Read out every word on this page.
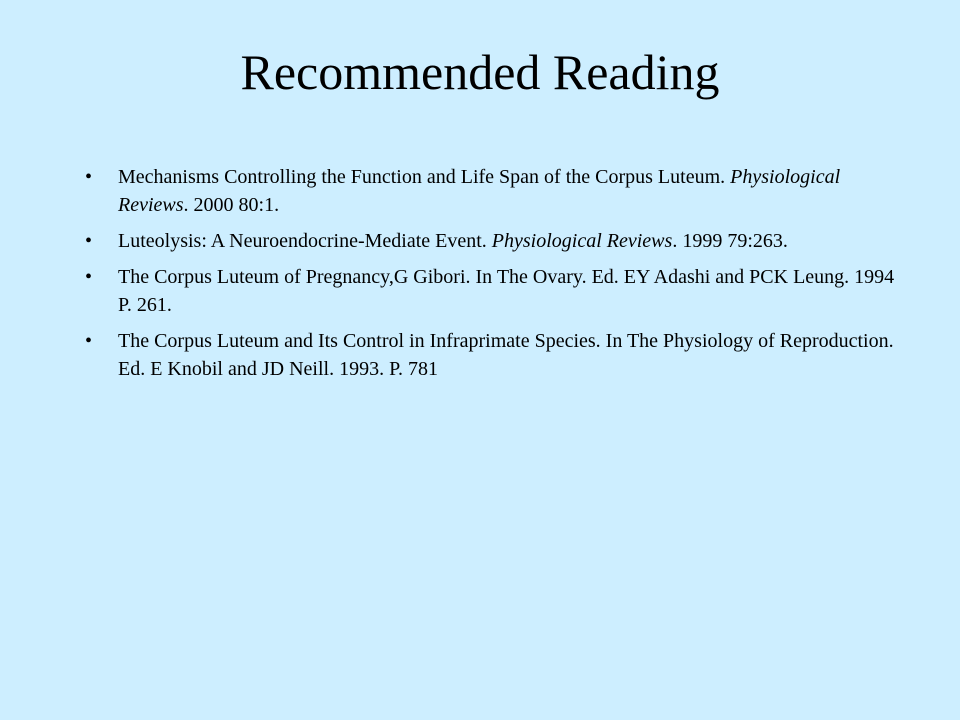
Recommended Reading
• Mechanisms Controlling the Function and Life Span of the Corpus Luteum. Physiological Reviews. 2000 80:1.
• Luteolysis: A Neuroendocrine-Mediate Event. Physiological Reviews. 1999 79:263.
• The Corpus Luteum of Pregnancy,G Gibori. In The Ovary. Ed. EY Adashi and PCK Leung. 1994 P. 261.
• The Corpus Luteum and Its Control in Infraprimate Species. In The Physiology of Reproduction. Ed. E Knobil and JD Neill. 1993. P. 781
